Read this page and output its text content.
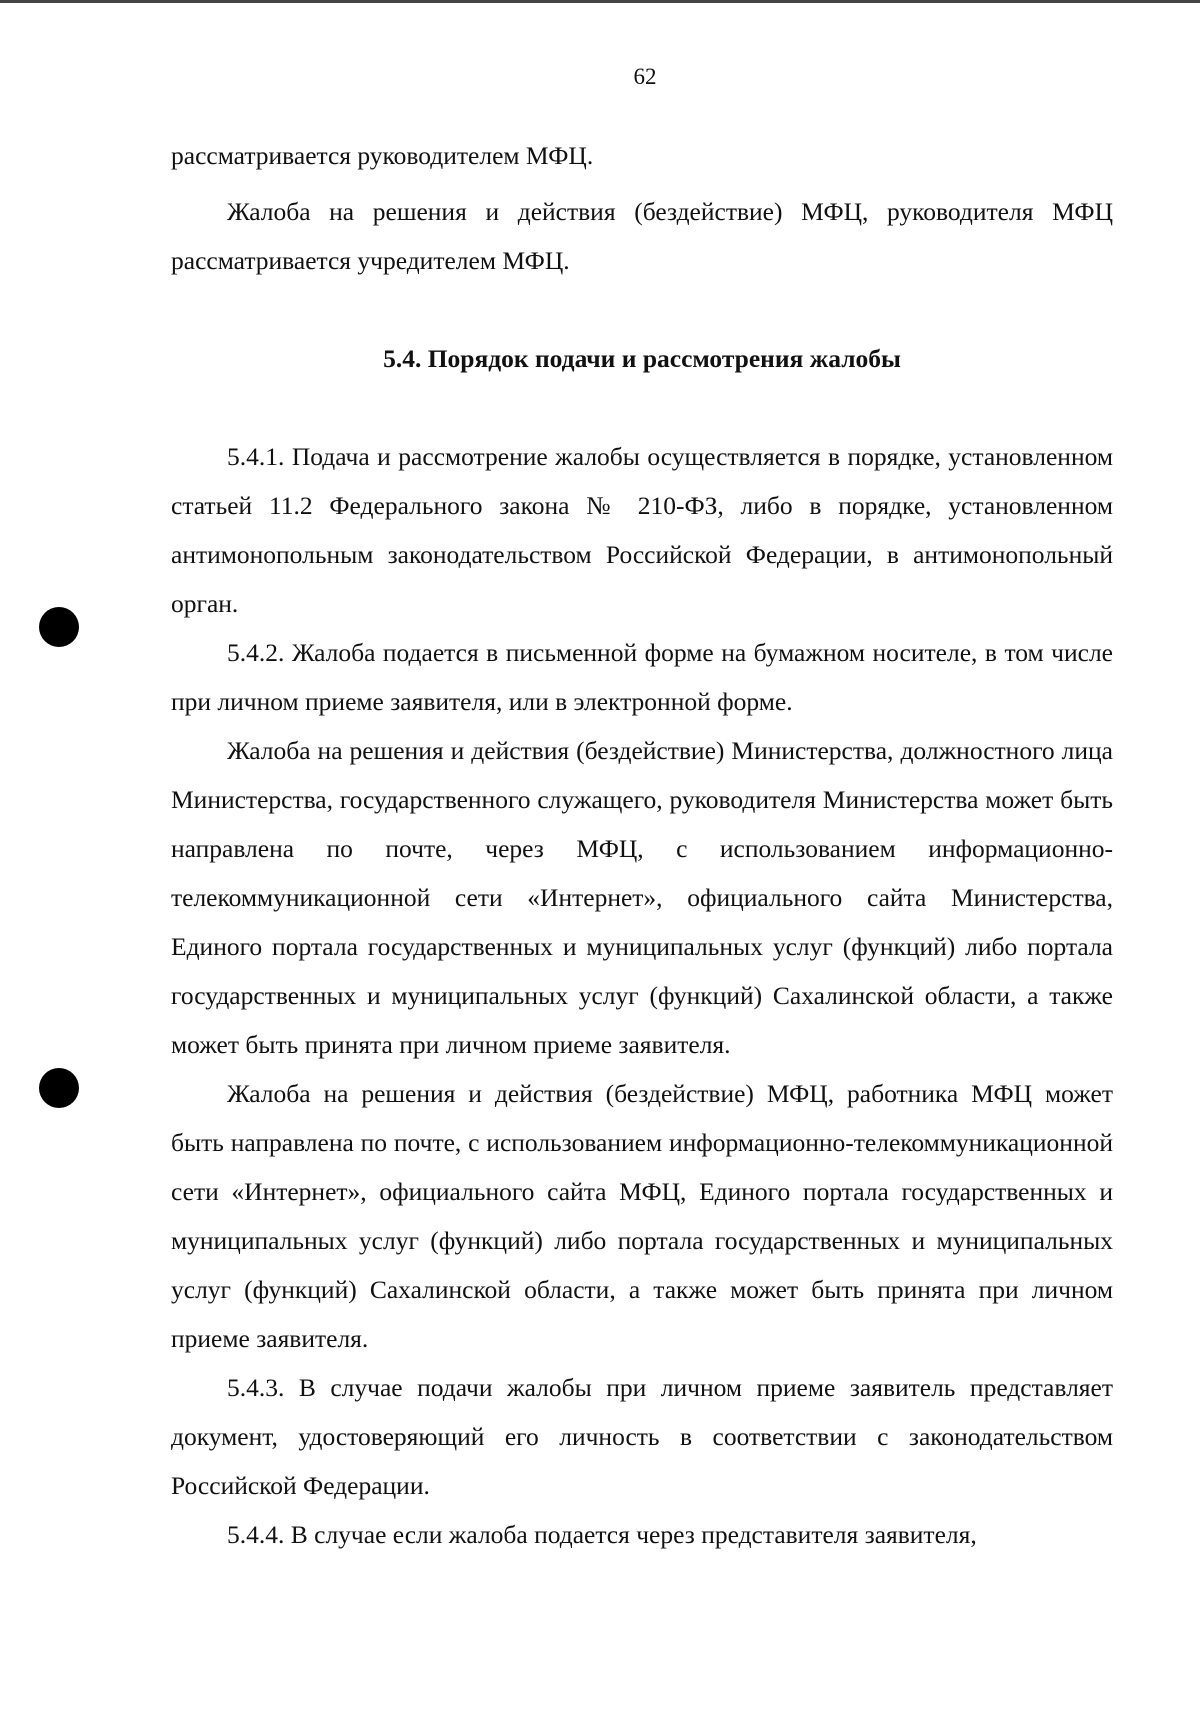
62

рассматривается руководителем МФЦ.

Жалоба на решения и действия (бездействие) МФЦ, руководителя МФЦ рассматривается учредителем МФЦ.

5.4. Порядок подачи и рассмотрения жалобы

5.4.1. Подача и рассмотрение жалобы осуществляется в порядке, установленном статьей 11.2 Федерального закона № 210-ФЗ, либо в порядке, установленном антимонопольным законодательством Российской Федерации, в антимонопольный орган.

5.4.2. Жалоба подается в письменной форме на бумажном носителе, в том числе при личном приеме заявителя, или в электронной форме.

Жалоба на решения и действия (бездействие) Министерства, должностного лица Министерства, государственного служащего, руководителя Министерства может быть направлена по почте, через МФЦ, с использованием информационно-телекоммуникационной сети «Интернет», официального сайта Министерства, Единого портала государственных и муниципальных услуг (функций) либо портала государственных и муниципальных услуг (функций) Сахалинской области, а также может быть принята при личном приеме заявителя.

Жалоба на решения и действия (бездействие) МФЦ, работника МФЦ может быть направлена по почте, с использованием информационно-телекоммуникационной сети «Интернет», официального сайта МФЦ, Единого портала государственных и муниципальных услуг (функций) либо портала государственных и муниципальных услуг (функций) Сахалинской области, а также может быть принята при личном приеме заявителя.

5.4.3. В случае подачи жалобы при личном приеме заявитель представляет документ, удостоверяющий его личность в соответствии с законодательством Российской Федерации.

5.4.4. В случае если жалоба подается через представителя заявителя,
